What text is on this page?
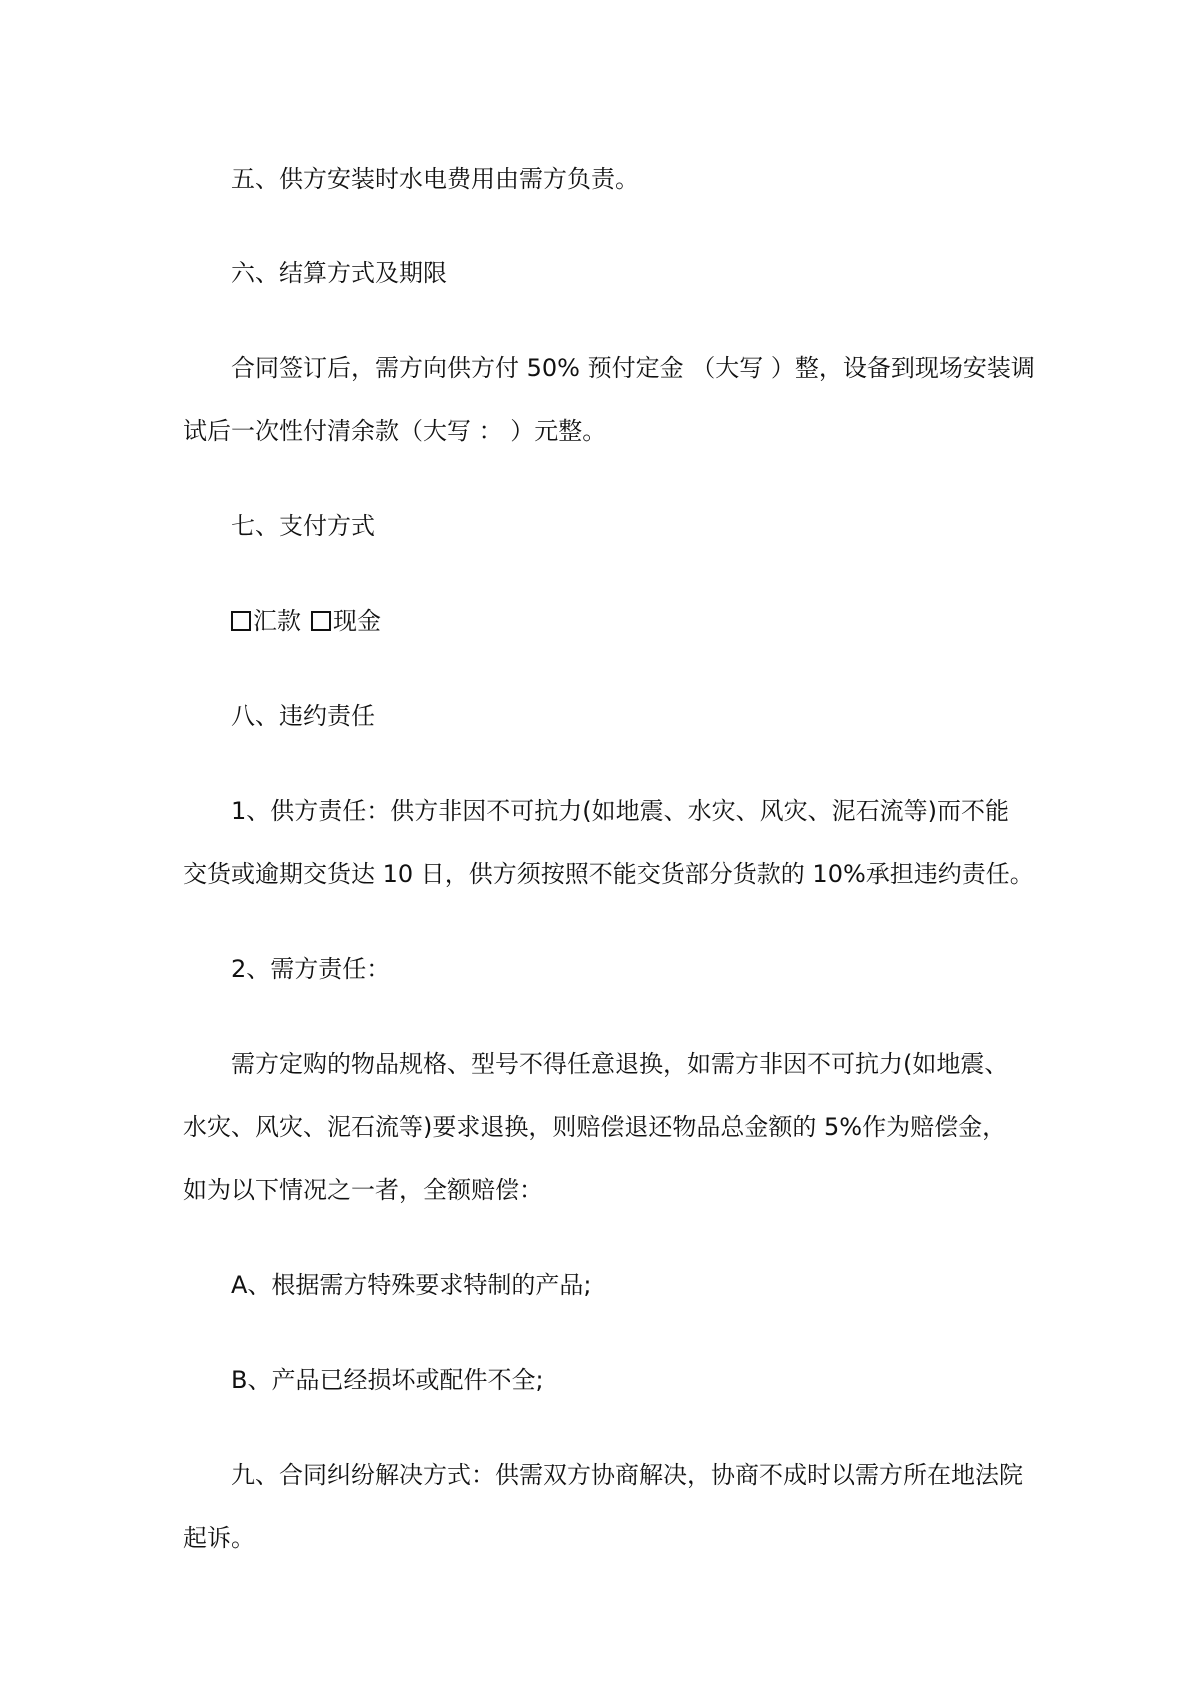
五、供方安装时水电费用由需方负责。

六、结算方式及期限

合同签订后，需方向供方付 50% 预付定金 （大写 ）整，设备到现场安装调
试后一次性付清余款（大写 ： ）元整。

七、支付方式

汇款 现金

八、违约责任

1、供方责任：供方非因不可抗力(如地震、水灾、风灾、泥石流等)而不能
交货或逾期交货达 10 日，供方须按照不能交货部分货款的 10%承担违约责任。

2、需方责任：

需方定购的物品规格、型号不得任意退换，如需方非因不可抗力(如地震、
水灾、风灾、泥石流等)要求退换，则赔偿退还物品总金额的 5%作为赔偿金，
如为以下情况之一者，全额赔偿：

A、根据需方特殊要求特制的产品;

B、产品已经损坏或配件不全;

九、合同纠纷解决方式：供需双方协商解决，协商不成时以需方所在地法院
起诉。
